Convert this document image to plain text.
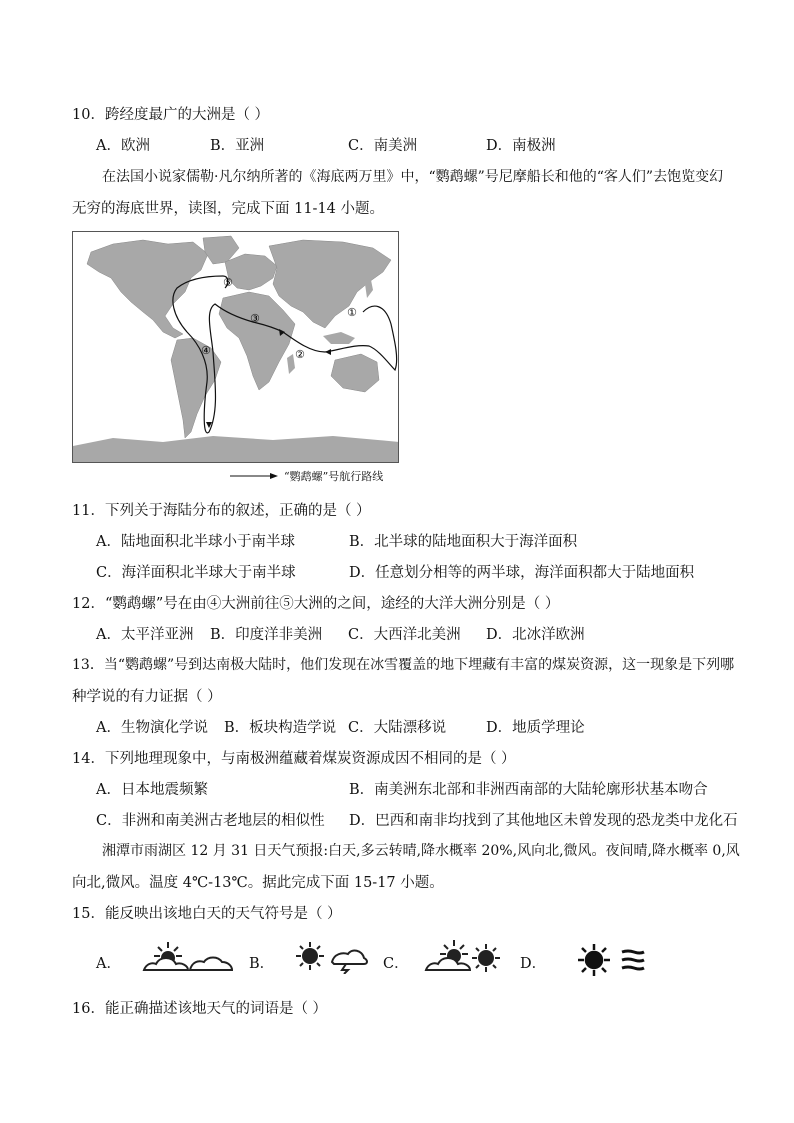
10．跨经度最广的大洲是（ ）
A．欧洲	B．亚洲	C．南美洲	D．南极洲
在法国小说家儒勒·凡尔纳所著的《海底两万里》中，“鹦鹉螺”号尼摩船长和他的“客人们”去饱览变幻
无穷的海底世界，读图，完成下面 11-14 小题。
①
②
③
④
⑤
“鹦鹉螺”号航行路线
11．下列关于海陆分布的叙述，正确的是（ ）
A．陆地面积北半球小于南半球	B．北半球的陆地面积大于海洋面积
C．海洋面积北半球大于南半球	D．任意划分相等的两半球，海洋面积都大于陆地面积
12．“鹦鹉螺”号在由④大洲前往⑤大洲的之间，途经的大洋大洲分别是（ ）
A．太平洋亚洲 B．印度洋非美洲 C．大西洋北美洲 D．北冰洋欧洲
13．当“鹦鹉螺”号到达南极大陆时，他们发现在冰雪覆盖的地下埋藏有丰富的煤炭资源，这一现象是下列哪
种学说的有力证据（ ）
A．生物演化学说 B．板块构造学说 C．大陆漂移说	D．地质学理论
14．下列地理现象中，与南极洲蕴藏着煤炭资源成因不相同的是（ ）
A．日本地震频繁	B．南美洲东北部和非洲西南部的大陆轮廓形状基本吻合
C．非洲和南美洲古老地层的相似性 D．巴西和南非均找到了其他地区未曾发现的恐龙类中龙化石
湘潭市雨湖区 12 月 31 日天气预报:白天,多云转晴,降水概率 20%,风向北,微风。夜间晴,降水概率 0,风
向北,微风。温度 4℃-13℃。据此完成下面 15-17 小题。
15．能反映出该地白天的天气符号是（ ）
A．	B．	C．	D．
16．能正确描述该地天气的词语是（ ）
